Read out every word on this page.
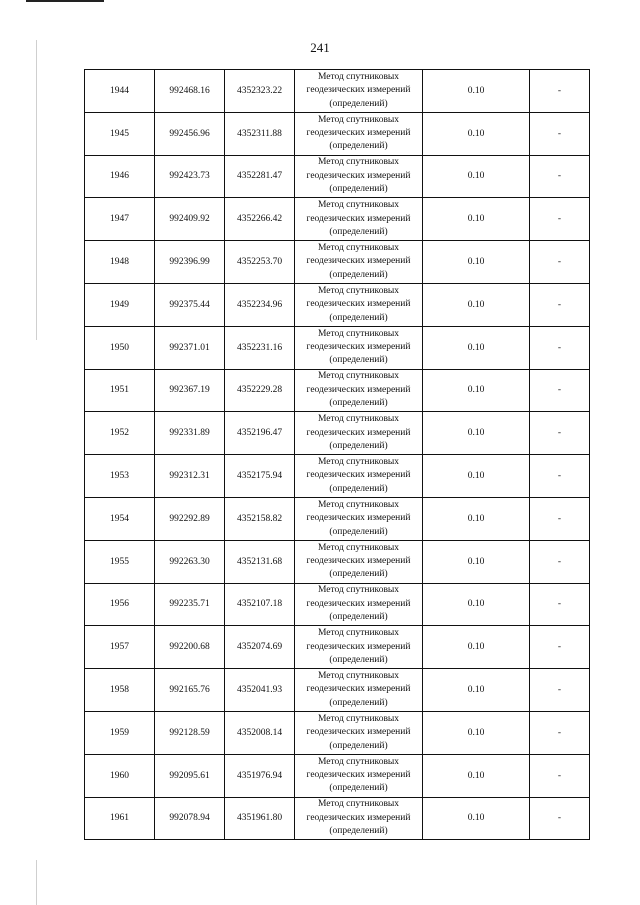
241
1944	992468.16	4352323.22	Метод спутниковых
геодезических измерений
(определений)	0.10	-
1945	992456.96	4352311.88	Метод спутниковых
геодезических измерений
(определений)	0.10	-
1946	992423.73	4352281.47	Метод спутниковых
геодезических измерений
(определений)	0.10	-
1947	992409.92	4352266.42	Метод спутниковых
геодезических измерений
(определений)	0.10	-
1948	992396.99	4352253.70	Метод спутниковых
геодезических измерений
(определений)	0.10	-
1949	992375.44	4352234.96	Метод спутниковых
геодезических измерений
(определений)	0.10	-
1950	992371.01	4352231.16	Метод спутниковых
геодезических измерений
(определений)	0.10	-
1951	992367.19	4352229.28	Метод спутниковых
геодезических измерений
(определений)	0.10	-
1952	992331.89	4352196.47	Метод спутниковых
геодезических измерений
(определений)	0.10	-
1953	992312.31	4352175.94	Метод спутниковых
геодезических измерений
(определений)	0.10	-
1954	992292.89	4352158.82	Метод спутниковых
геодезических измерений
(определений)	0.10	-
1955	992263.30	4352131.68	Метод спутниковых
геодезических измерений
(определений)	0.10	-
1956	992235.71	4352107.18	Метод спутниковых
геодезических измерений
(определений)	0.10	-
1957	992200.68	4352074.69	Метод спутниковых
геодезических измерений
(определений)	0.10	-
1958	992165.76	4352041.93	Метод спутниковых
геодезических измерений
(определений)	0.10	-
1959	992128.59	4352008.14	Метод спутниковых
геодезических измерений
(определений)	0.10	-
1960	992095.61	4351976.94	Метод спутниковых
геодезических измерений
(определений)	0.10	-
1961	992078.94	4351961.80	Метод спутниковых
геодезических измерений
(определений)	0.10	-
